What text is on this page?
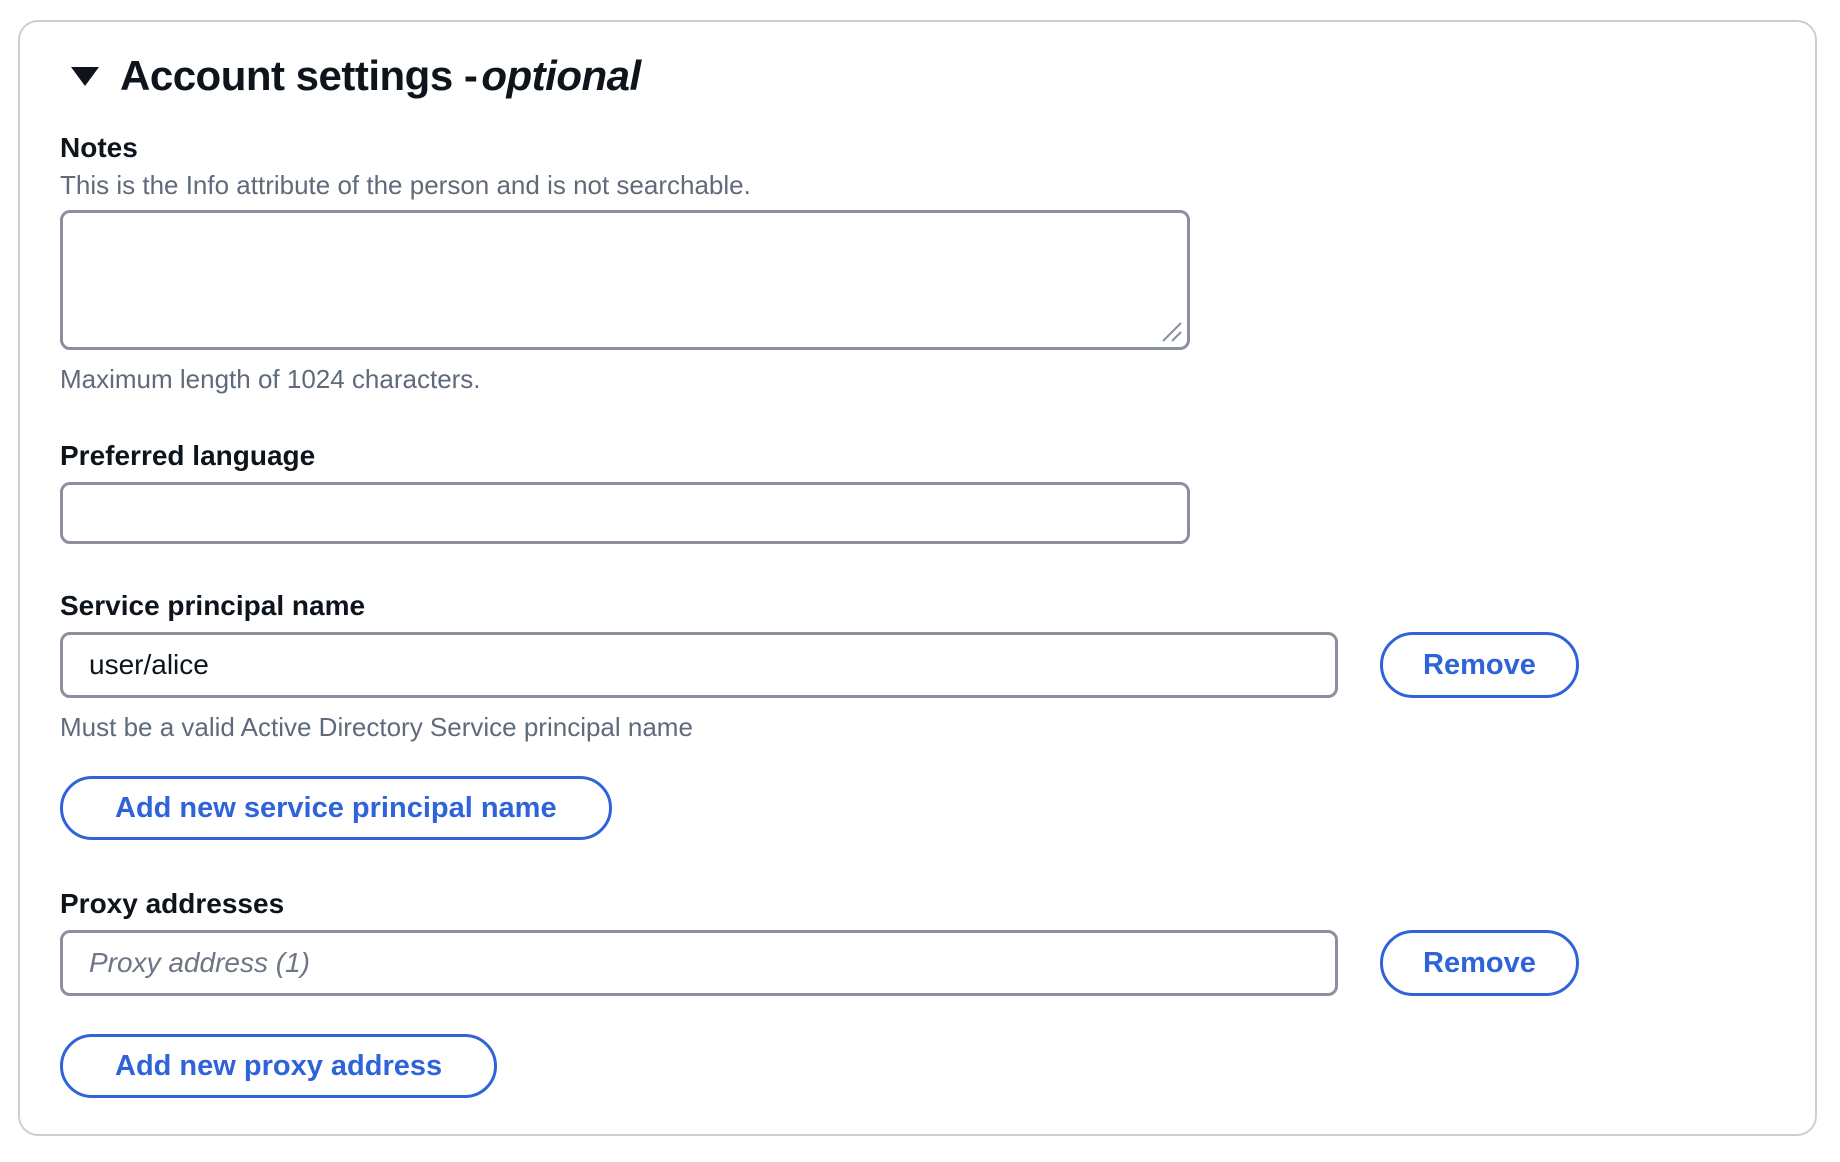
Account settings -optional
Notes
This is the Info attribute of the person and is not searchable.
Maximum length of 1024 characters.
Preferred language
Service principal name
user/alice
Remove
Must be a valid Active Directory Service principal name
Add new service principal name
Proxy addresses
Proxy address (1)
Remove
Add new proxy address
